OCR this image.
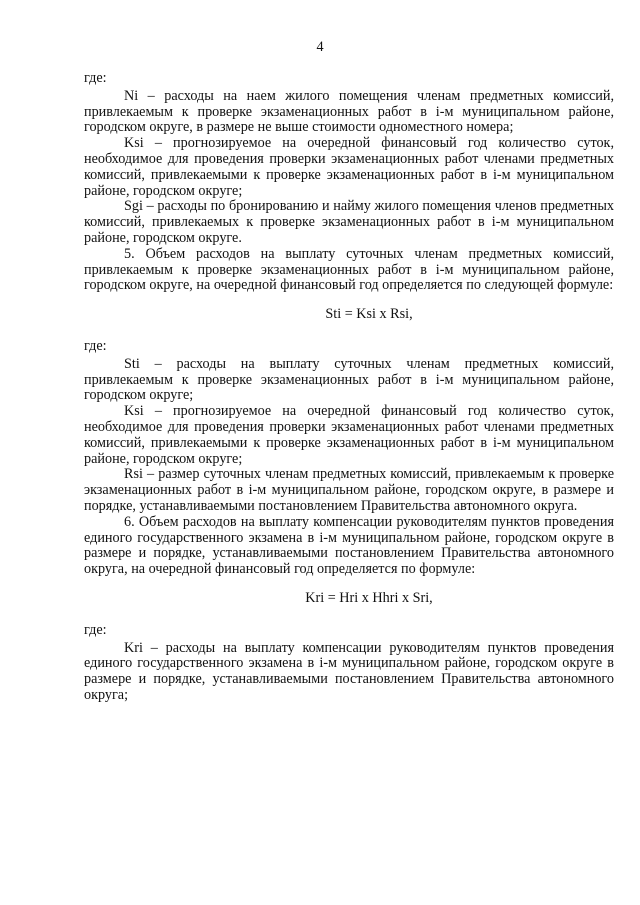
4

где:

Ni – расходы на наем жилого помещения членам предметных комиссий, привлекаемым к проверке экзаменационных работ в i-м муниципальном районе, городском округе, в размере не выше стоимости одноместного номера;

Ksi – прогнозируемое на очередной финансовый год количество суток, необходимое для проведения проверки экзаменационных работ членами предметных комиссий, привлекаемыми к проверке экзаменационных работ в i-м муниципальном районе, городском округе;

Sgi – расходы по бронированию и найму жилого помещения членов предметных комиссий, привлекаемых к проверке экзаменационных работ в i-м муниципальном районе, городском округе.

5. Объем расходов на выплату суточных членам предметных комиссий, привлекаемым к проверке экзаменационных работ в i-м муниципальном районе, городском округе, на очередной финансовый год определяется по следующей формуле:

Sti = Ksi x Rsi,

где:

Sti – расходы на выплату суточных членам предметных комиссий, привлекаемым к проверке экзаменационных работ в i-м муниципальном районе, городском округе;

Ksi – прогнозируемое на очередной финансовый год количество суток, необходимое для проведения проверки экзаменационных работ членами предметных комиссий, привлекаемыми к проверке экзаменационных работ в i-м муниципальном районе, городском округе;

Rsi – размер суточных членам предметных комиссий, привлекаемым к проверке экзаменационных работ в i-м муниципальном районе, городском округе, в размере и порядке, устанавливаемыми постановлением Правительства автономного округа.

6. Объем расходов на выплату компенсации руководителям пунктов проведения единого государственного экзамена в i-м муниципальном районе, городском округе в размере и порядке, устанавливаемыми постановлением Правительства автономного округа, на очередной финансовый год определяется по формуле:

Kri = Hri x Hhri x Sri,

где:

Kri – расходы на выплату компенсации руководителям пунктов проведения единого государственного экзамена в i-м муниципальном районе, городском округе в размере и порядке, устанавливаемыми постановлением Правительства автономного округа;
